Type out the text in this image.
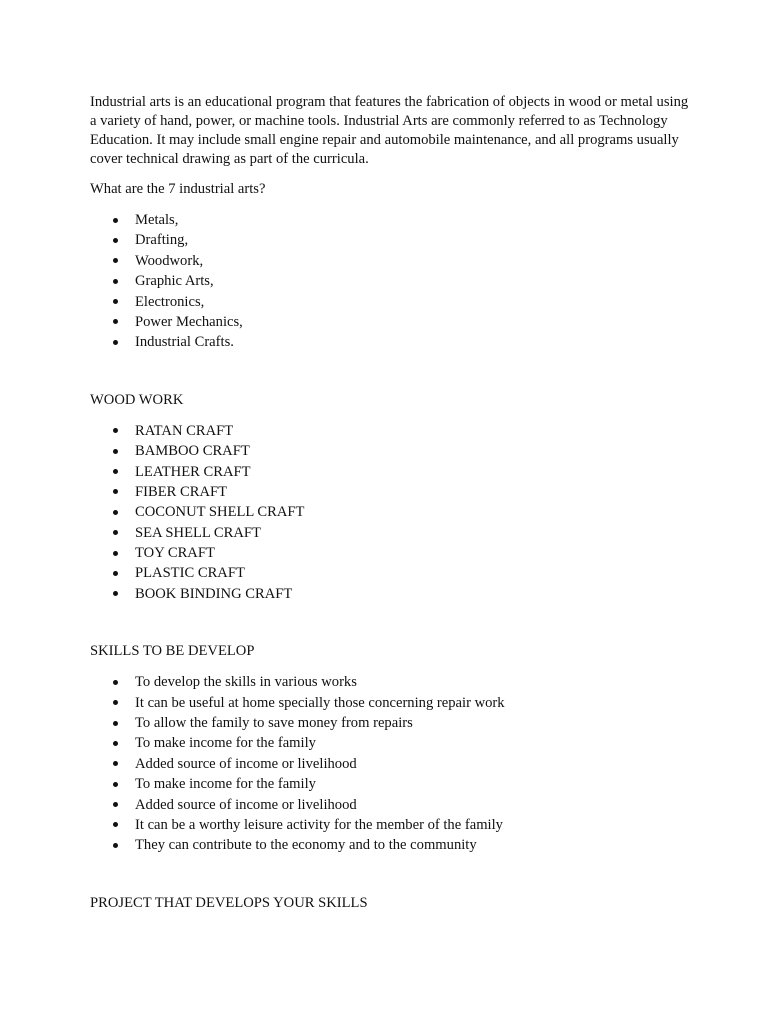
Industrial arts is an educational program that features the fabrication of objects in wood or metal using a variety of hand, power, or machine tools. Industrial Arts are commonly referred to as Technology Education. It may include small engine repair and automobile maintenance, and all programs usually cover technical drawing as part of the curricula.

What are the 7 industrial arts?

Metals,
Drafting,
Woodwork,
Graphic Arts,
Electronics,
Power Mechanics,
Industrial Crafts.

WOOD WORK

RATAN CRAFT
BAMBOO CRAFT
LEATHER CRAFT
FIBER CRAFT
COCONUT SHELL CRAFT
SEA SHELL CRAFT
TOY CRAFT
PLASTIC CRAFT
BOOK BINDING CRAFT

SKILLS TO BE DEVELOP

To develop the skills in various works
It can be useful at home specially those concerning repair work
To allow the family to save money from repairs
To make income for the family
Added source of income or livelihood
To make income for the family
Added source of income or livelihood
It can be a worthy leisure activity for the member of the family
They can contribute to the economy and to the community

PROJECT THAT DEVELOPS YOUR SKILLS
